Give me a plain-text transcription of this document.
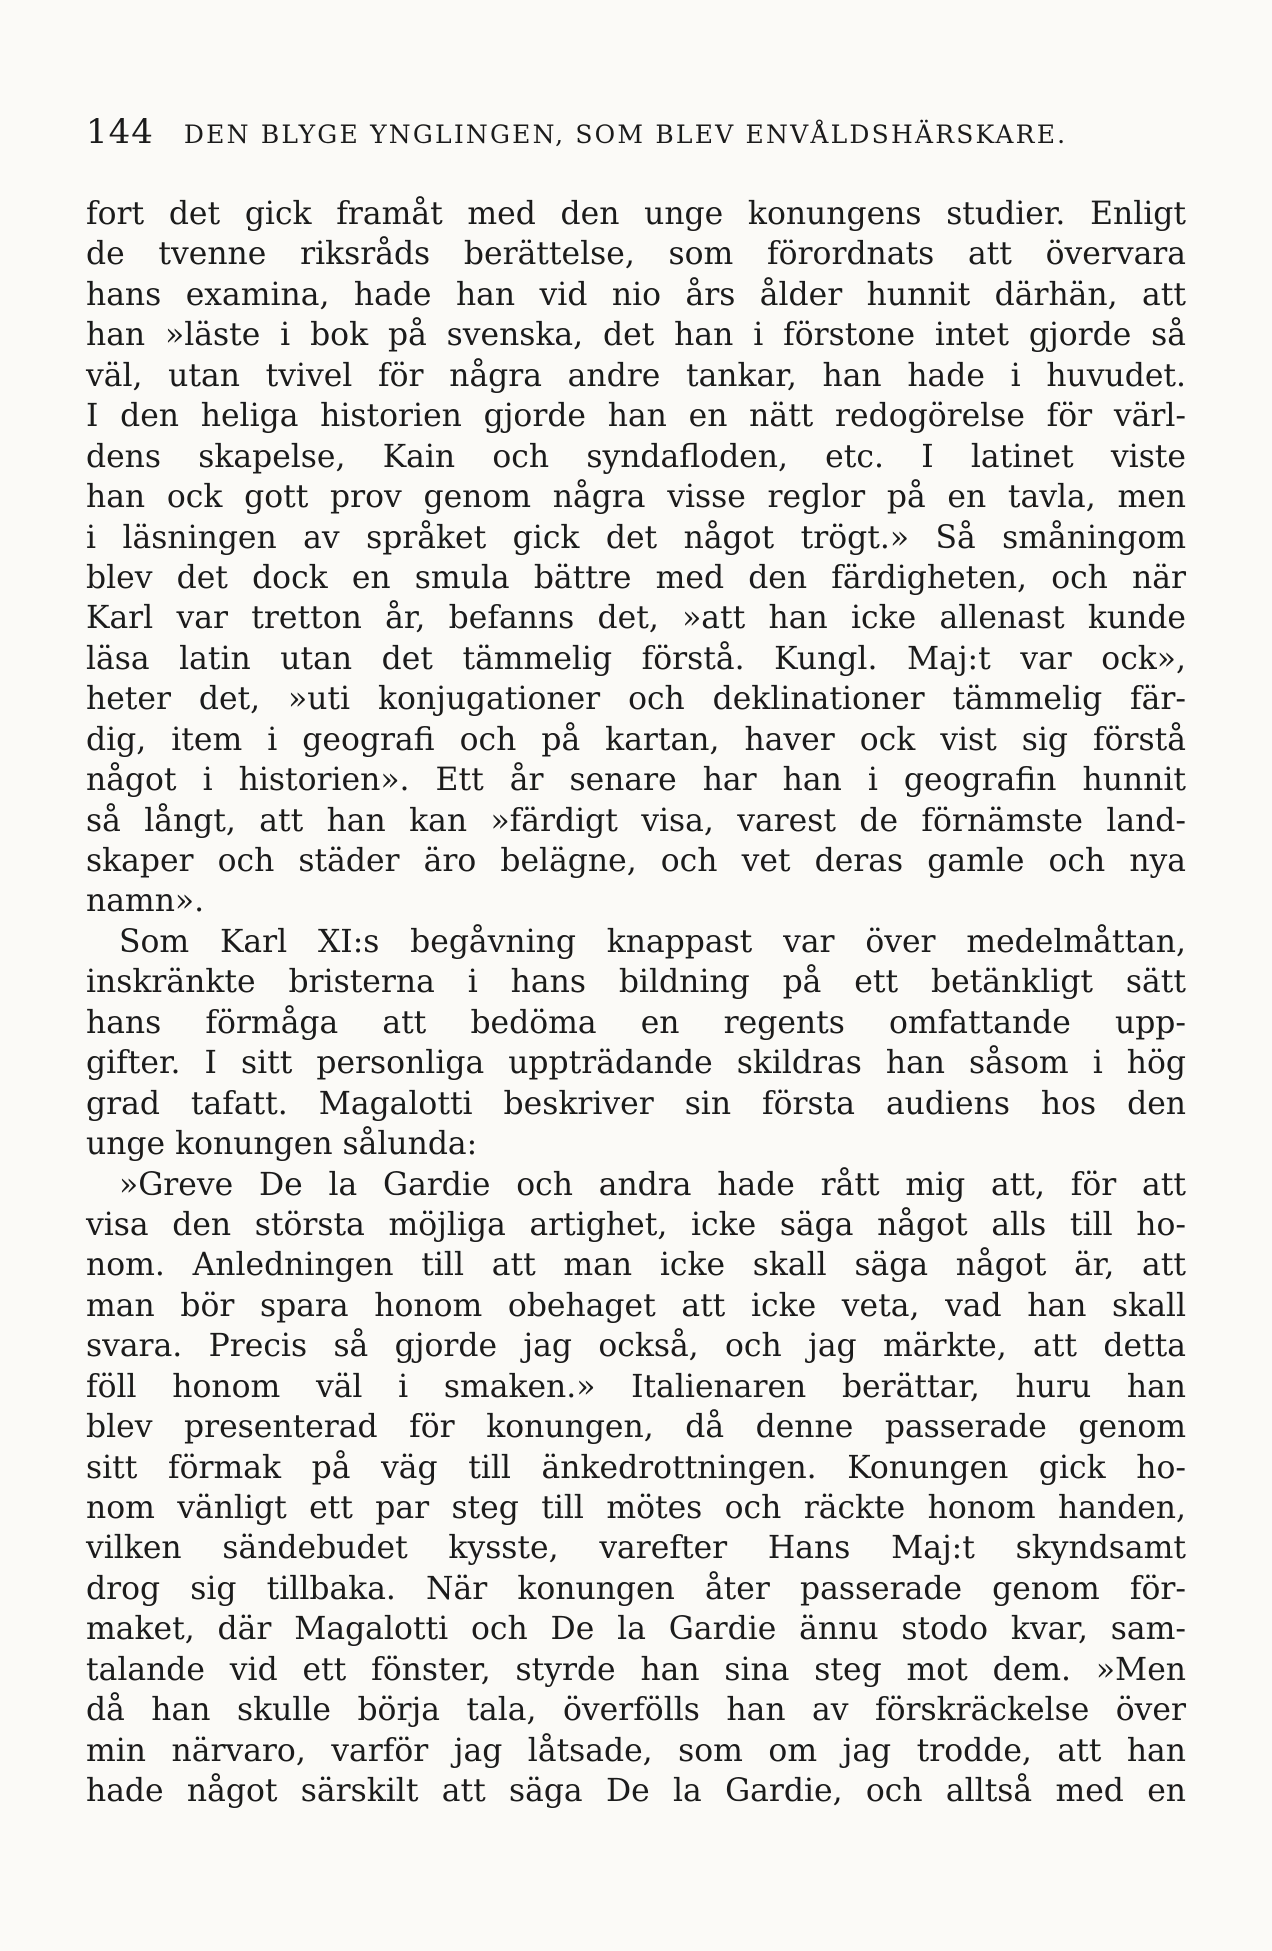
144 DEN BLYGE YNGLINGEN, SOM BLEV ENVÅLDSHÄRSKARE.
fort det gick framåt med den unge konungens studier. Enligt
de tvenne riksråds berättelse, som förordnats att övervara
hans examina, hade han vid nio års ålder hunnit därhän, att
han »läste i bok på svenska, det han i förstone intet gjorde så
väl, utan tvivel för några andre tankar, han hade i huvudet.
I den heliga historien gjorde han en nätt redogörelse för värl-
dens skapelse, Kain och syndafloden, etc. I latinet viste
han ock gott prov genom några visse reglor på en tavla, men
i läsningen av språket gick det något trögt.» Så småningom
blev det dock en smula bättre med den färdigheten, och när
Karl var tretton år, befanns det, »att han icke allenast kunde
läsa latin utan det tämmelig förstå. Kungl. Maj:t var ock»,
heter det, »uti konjugationer och deklinationer tämmelig fär-
dig, item i geografi och på kartan, haver ock vist sig förstå
något i historien». Ett år senare har han i geografin hunnit
så långt, att han kan »färdigt visa, varest de förnämste land-
skaper och städer äro belägne, och vet deras gamle och nya
namn».
Som Karl XI:s begåvning knappast var över medelmåttan,
inskränkte bristerna i hans bildning på ett betänkligt sätt
hans förmåga att bedöma en regents omfattande upp-
gifter. I sitt personliga uppträdande skildras han såsom i hög
grad tafatt. Magalotti beskriver sin första audiens hos den
unge konungen sålunda:
»Greve De la Gardie och andra hade rått mig att, för att
visa den största möjliga artighet, icke säga något alls till ho-
nom. Anledningen till att man icke skall säga något är, att
man bör spara honom obehaget att icke veta, vad han skall
svara. Precis så gjorde jag också, och jag märkte, att detta
föll honom väl i smaken.» Italienaren berättar, huru han
blev presenterad för konungen, då denne passerade genom
sitt förmak på väg till änkedrottningen. Konungen gick ho-
nom vänligt ett par steg till mötes och räckte honom handen,
vilken sändebudet kysste, varefter Hans Maj:t skyndsamt
drog sig tillbaka. När konungen åter passerade genom för-
maket, där Magalotti och De la Gardie ännu stodo kvar, sam-
talande vid ett fönster, styrde han sina steg mot dem. »Men
då han skulle börja tala, överfölls han av förskräckelse över
min närvaro, varför jag låtsade, som om jag trodde, att han
hade något särskilt att säga De la Gardie, och alltså med en
